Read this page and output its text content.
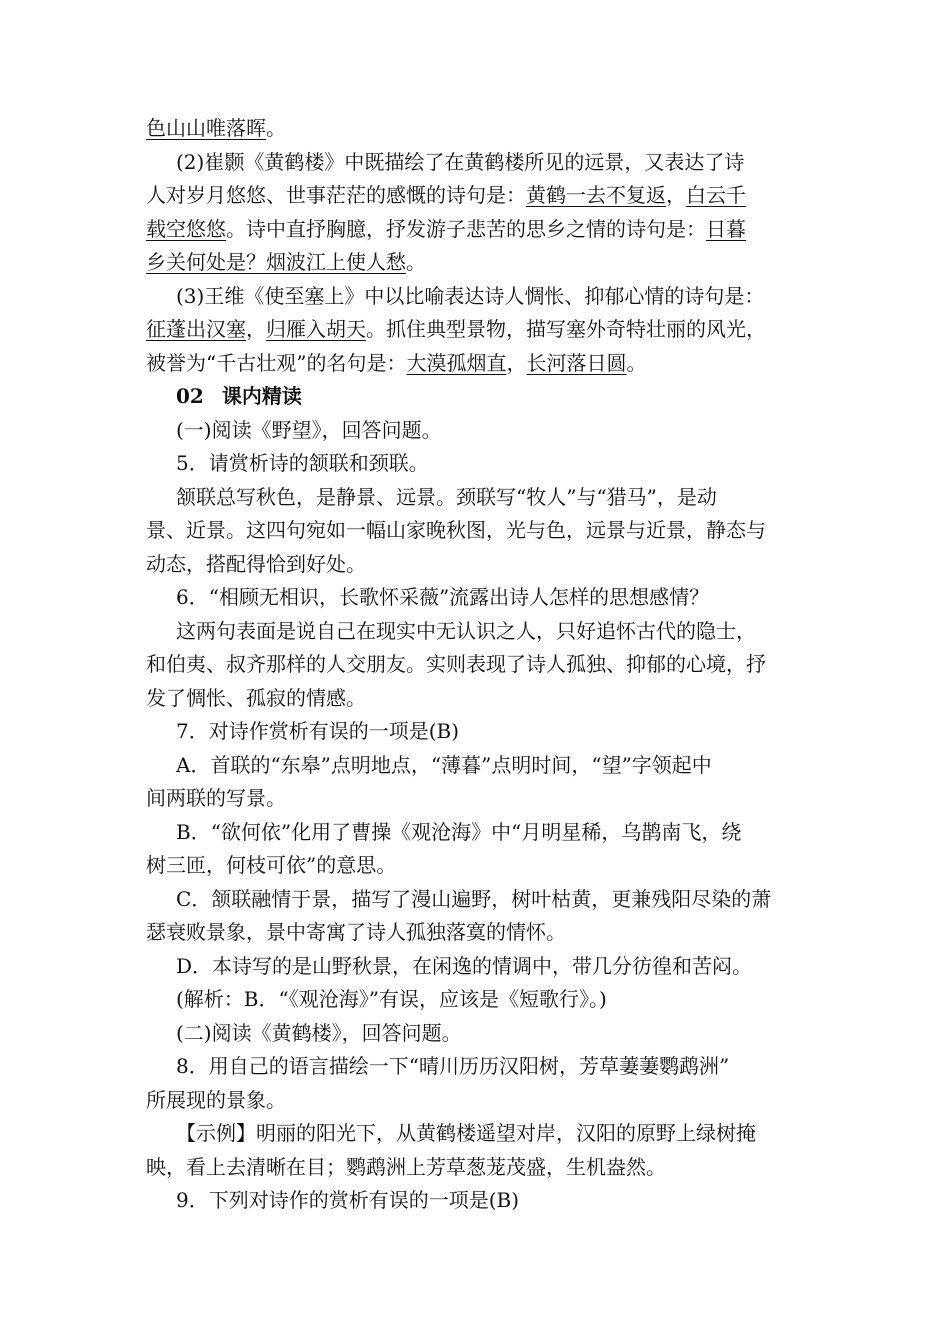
色山山唯落晖。

(2)崔颢《黄鹤楼》中既描绘了在黄鹤楼所见的远景，又表达了诗

人对岁月悠悠、世事茫茫的感慨的诗句是：黄鹤一去不复返，白云千

载空悠悠。诗中直抒胸臆，抒发游子悲苦的思乡之情的诗句是：日暮

乡关何处是？烟波江上使人愁。

(3)王维《使至塞上》中以比喻表达诗人惆怅、抑郁心情的诗句是：

征蓬出汉塞，归雁入胡天。抓住典型景物，描写塞外奇特壮丽的风光，

被誉为“千古壮观”的名句是：大漠孤烟直，长河落日圆。

02 课内精读

(一)阅读《野望》，回答问题。

5．请赏析诗的颔联和颈联。

颔联总写秋色，是静景、远景。颈联写“牧人”与“猎马”，是动

景、近景。这四句宛如一幅山家晚秋图，光与色，远景与近景，静态与

动态，搭配得恰到好处。

6．“相顾无相识，长歌怀采薇”流露出诗人怎样的思想感情？

这两句表面是说自己在现实中无认识之人，只好追怀古代的隐士，

和伯夷、叔齐那样的人交朋友。实则表现了诗人孤独、抑郁的心境，抒

发了惆怅、孤寂的情感。

7．对诗作赏析有误的一项是(B)

A．首联的“东皋”点明地点，“薄暮”点明时间，“望”字领起中

间两联的写景。

B．“欲何依”化用了曹操《观沧海》中“月明星稀，乌鹊南飞，绕

树三匝，何枝可依”的意思。

C．颔联融情于景，描写了漫山遍野，树叶枯黄，更兼残阳尽染的萧

瑟衰败景象，景中寄寓了诗人孤独落寞的情怀。

D．本诗写的是山野秋景，在闲逸的情调中，带几分彷徨和苦闷。

(解析：B．“《观沧海》”有误，应该是《短歌行》。)

(二)阅读《黄鹤楼》，回答问题。

8．用自己的语言描绘一下“晴川历历汉阳树，芳草萋萋鹦鹉洲”

所展现的景象。

【示例】明丽的阳光下，从黄鹤楼遥望对岸，汉阳的原野上绿树掩

映，看上去清晰在目；鹦鹉洲上芳草葱茏茂盛，生机盎然。

9．下列对诗作的赏析有误的一项是(B)
